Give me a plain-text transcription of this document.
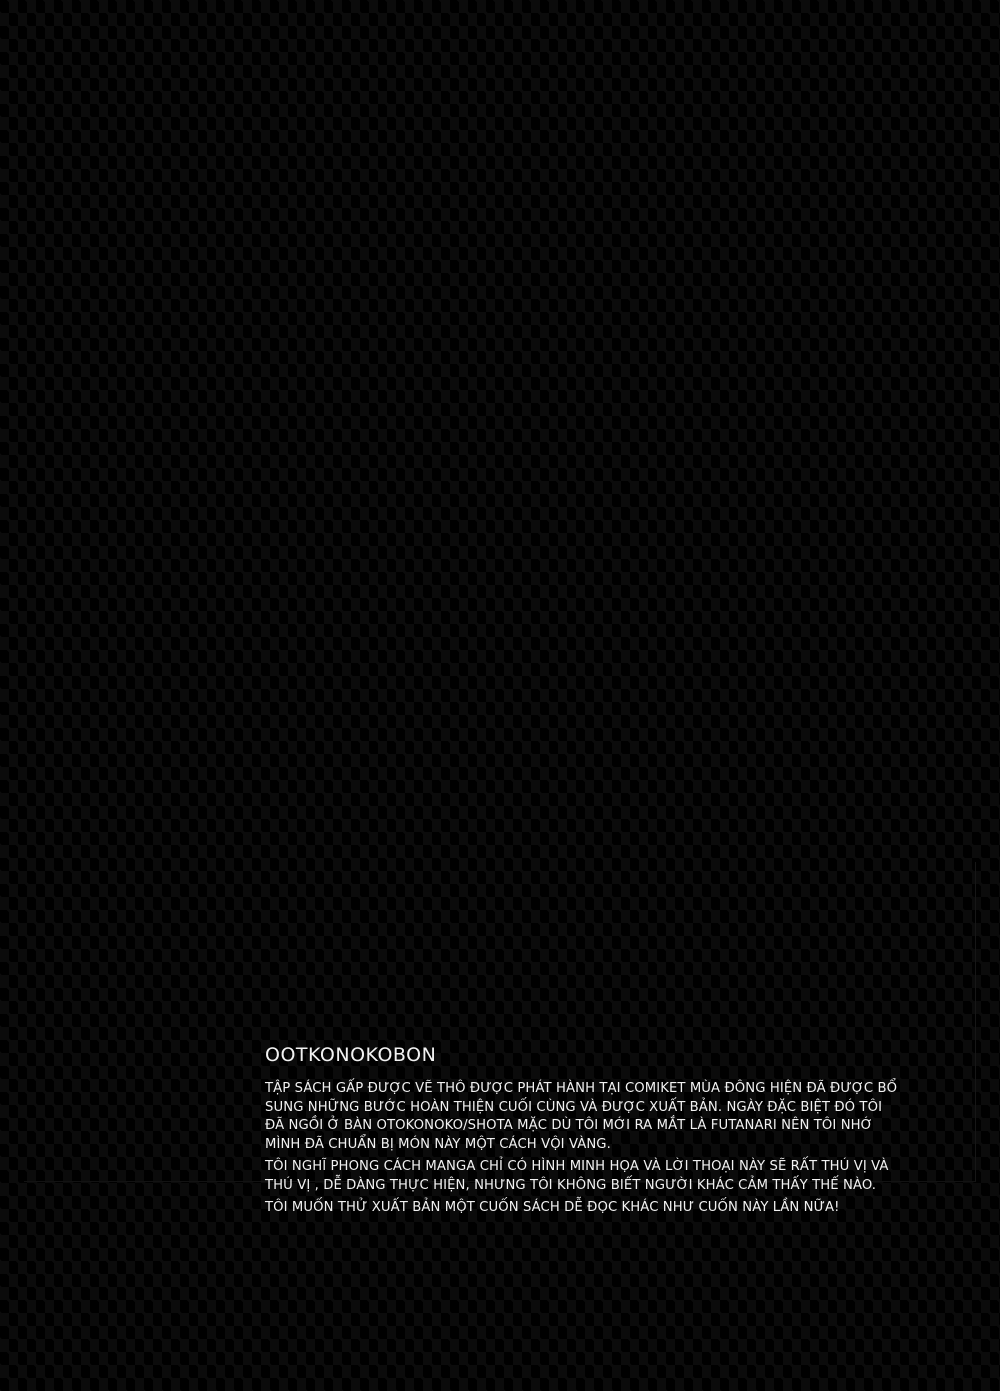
OOTKONOKOBON

TẬP SÁCH GẤP ĐƯỢC VẼ THÔ ĐƯỢC PHÁT HÀNH TẠI COMIKET MÙA ĐÔNG HIỆN ĐÃ ĐƯỢC BỔ SUNG NHỮNG BƯỚC HOÀN THIỆN CUỐI CÙNG VÀ ĐƯỢC XUẤT BẢN. NGÀY ĐẶC BIỆT ĐÓ TÔI ĐÃ NGỒI Ở BÀN OTOKONOKO/SHOTA MẶC DÙ TÔI MỚI RA MẮT LÀ FUTANARI NÊN TÔI NHỚ MÌNH ĐÃ CHUẨN BỊ MÓN NÀY MỘT CÁCH VỘI VÀNG.

TÔI NGHĨ PHONG CÁCH MANGA CHỈ CÓ HÌNH MINH HỌA VÀ LỜI THOẠI NÀY SẼ RẤT THÚ VỊ VÀ THÚ VỊ , DỄ DÀNG THỰC HIỆN, NHƯNG TÔI KHÔNG BIẾT NGƯỜI KHÁC CẢM THẤY THẾ NÀO.

TÔI MUỐN THỬ XUẤT BẢN MỘT CUỐN SÁCH DỄ ĐỌC KHÁC NHƯ CUỐN NÀY LẦN NỮA!
